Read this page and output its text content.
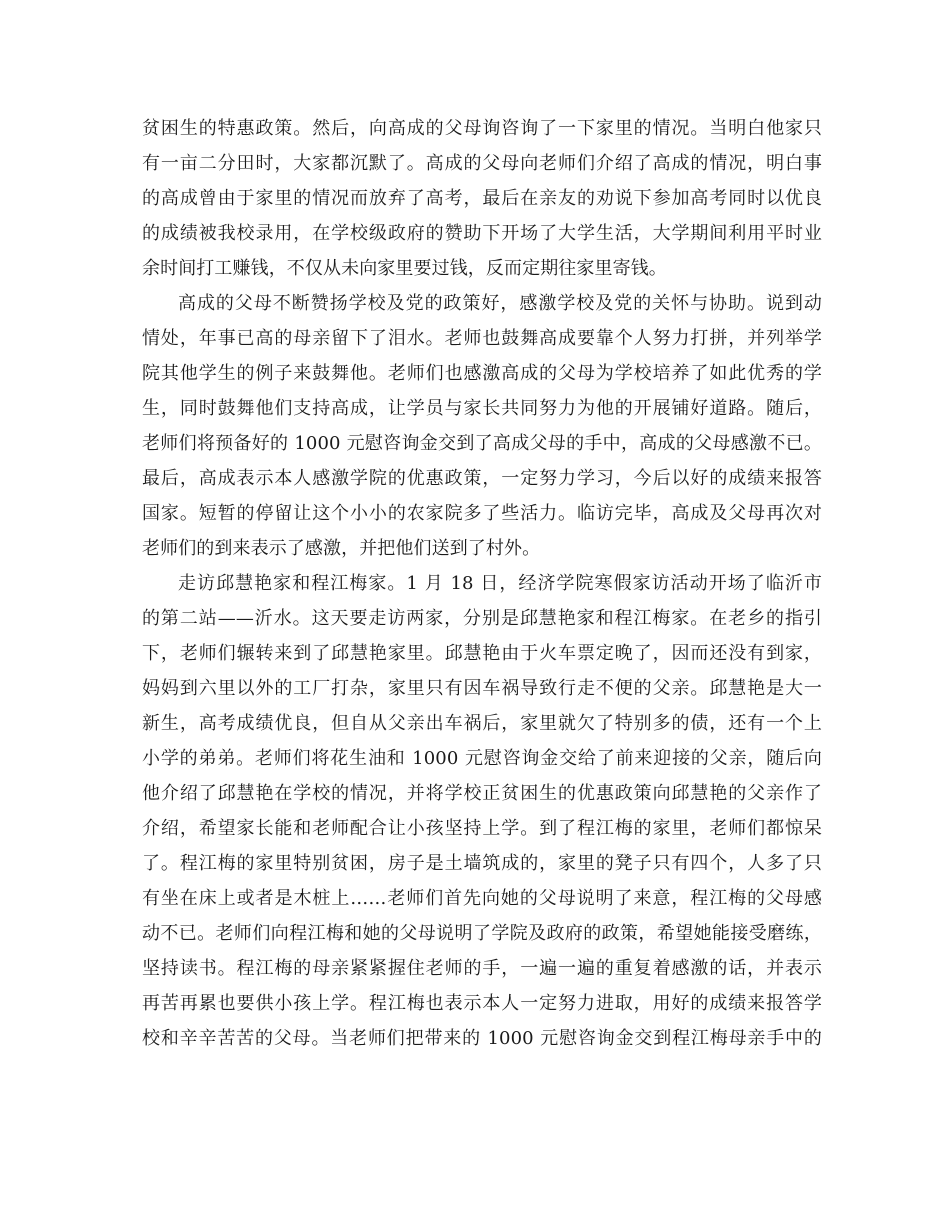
贫困生的特惠政策。然后，向高成的父母询咨询了一下家里的情况。当明白他家只
有一亩二分田时，大家都沉默了。高成的父母向老师们介绍了高成的情况，明白事
的高成曾由于家里的情况而放弃了高考，最后在亲友的劝说下参加高考同时以优良
的成绩被我校录用，在学校级政府的赞助下开场了大学生活，大学期间利用平时业
余时间打工赚钱，不仅从未向家里要过钱，反而定期往家里寄钱。
高成的父母不断赞扬学校及党的政策好，感激学校及党的关怀与协助。说到动
情处，年事已高的母亲留下了泪水。老师也鼓舞高成要靠个人努力打拼，并列举学
院其他学生的例子来鼓舞他。老师们也感激高成的父母为学校培养了如此优秀的学
生，同时鼓舞他们支持高成，让学员与家长共同努力为他的开展铺好道路。随后，
老师们将预备好的 1000 元慰咨询金交到了高成父母的手中，高成的父母感激不已。
最后，高成表示本人感激学院的优惠政策，一定努力学习，今后以好的成绩来报答
国家。短暂的停留让这个小小的农家院多了些活力。临访完毕，高成及父母再次对
老师们的到来表示了感激，并把他们送到了村外。
走访邱慧艳家和程江梅家。1 月 18 日，经济学院寒假家访活动开场了临沂市
的第二站——沂水。这天要走访两家，分别是邱慧艳家和程江梅家。在老乡的指引
下，老师们辗转来到了邱慧艳家里。邱慧艳由于火车票定晚了，因而还没有到家，
妈妈到六里以外的工厂打杂，家里只有因车祸导致行走不便的父亲。邱慧艳是大一
新生，高考成绩优良，但自从父亲出车祸后，家里就欠了特别多的债，还有一个上
小学的弟弟。老师们将花生油和 1000 元慰咨询金交给了前来迎接的父亲，随后向
他介绍了邱慧艳在学校的情况，并将学校正贫困生的优惠政策向邱慧艳的父亲作了
介绍，希望家长能和老师配合让小孩坚持上学。到了程江梅的家里，老师们都惊呆
了。程江梅的家里特别贫困，房子是土墙筑成的，家里的凳子只有四个，人多了只
有坐在床上或者是木桩上……老师们首先向她的父母说明了来意，程江梅的父母感
动不已。老师们向程江梅和她的父母说明了学院及政府的政策，希望她能接受磨练，
坚持读书。程江梅的母亲紧紧握住老师的手，一遍一遍的重复着感激的话，并表示
再苦再累也要供小孩上学。程江梅也表示本人一定努力进取，用好的成绩来报答学
校和辛辛苦苦的父母。当老师们把带来的 1000 元慰咨询金交到程江梅母亲手中的
